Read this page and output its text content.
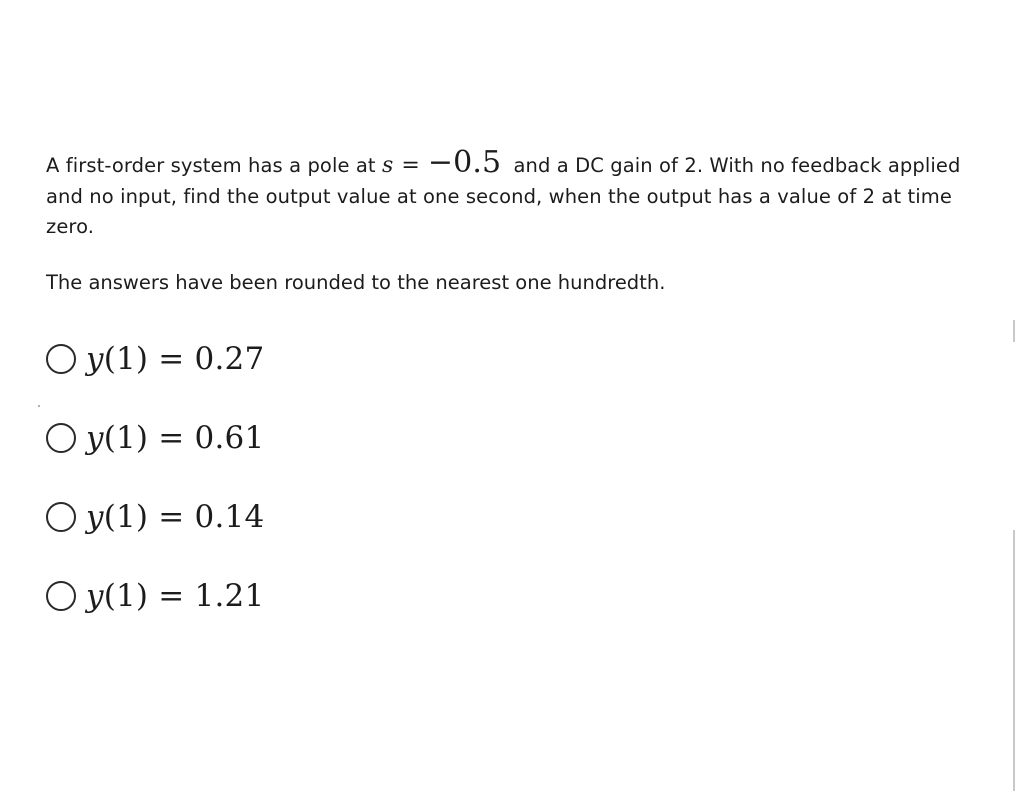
A first-order system has a pole at s = −0.5 and a DC gain of 2. With no feedback applied and no input, find the output value at one second, when the output has a value of 2 at time zero.
The answers have been rounded to the nearest one hundredth.
y(1) = 0.27
y(1) = 0.61
y(1) = 0.14
y(1) = 1.21
